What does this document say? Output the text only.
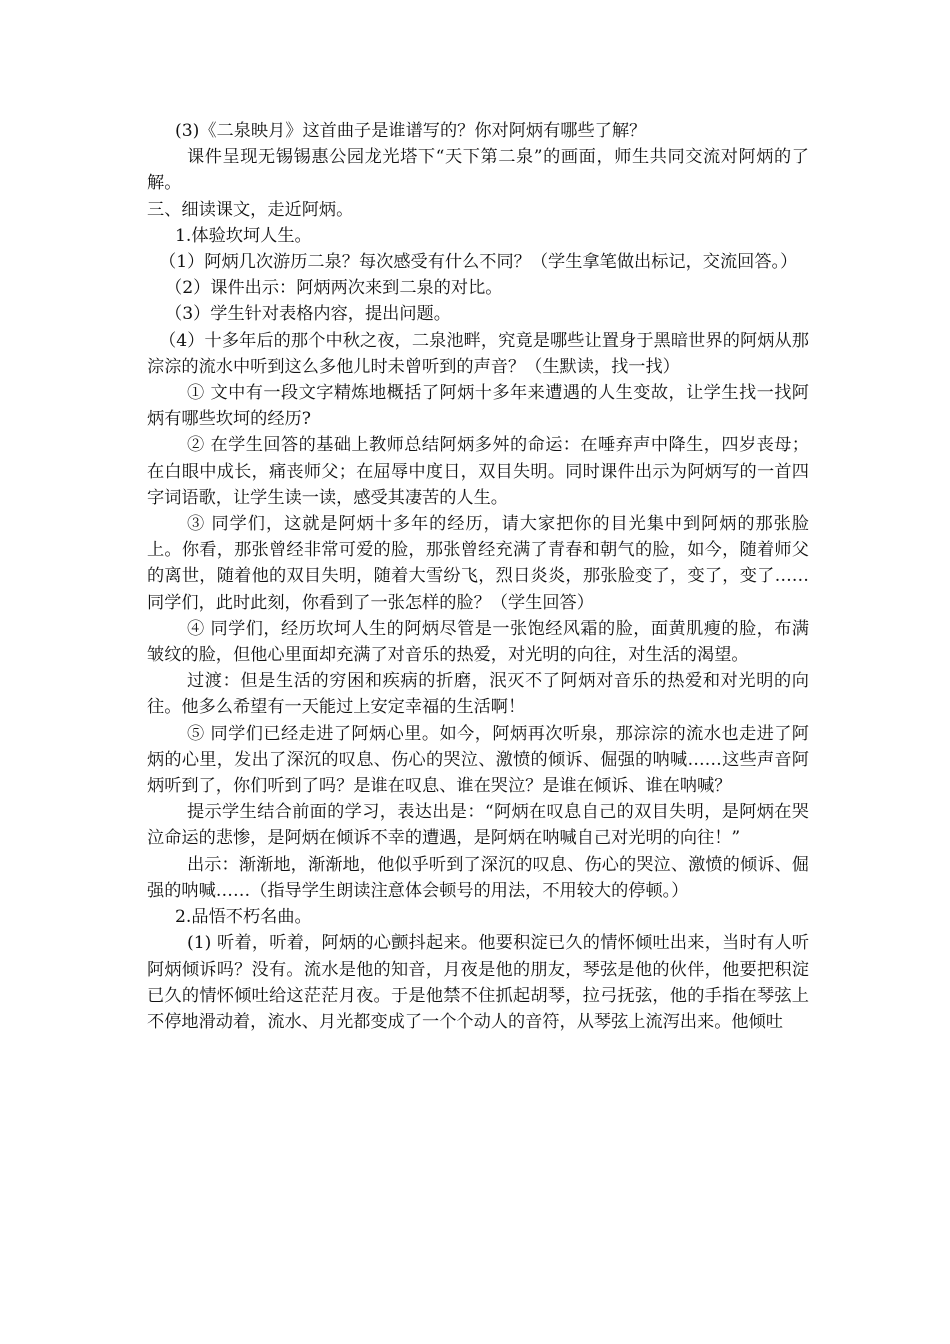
(3)《二泉映月》这首曲子是谁谱写的？你对阿炳有哪些了解？

课件呈现无锡锡惠公园龙光塔下“天下第二泉”的画面，师生共同交流对阿炳的了解。

三、细读课文，走近阿炳。

1.体验坎坷人生。

（1）阿炳几次游历二泉？每次感受有什么不同？（学生拿笔做出标记，交流回答。）

（2）课件出示：阿炳两次来到二泉的对比。

（3）学生针对表格内容，提出问题。

（4）十多年后的那个中秋之夜，二泉池畔，究竟是哪些让置身于黑暗世界的阿炳从那淙淙的流水中听到这么多他儿时未曾听到的声音？（生默读，找一找）

① 文中有一段文字精炼地概括了阿炳十多年来遭遇的人生变故，让学生找一找阿炳有哪些坎坷的经历?

② 在学生回答的基础上教师总结阿炳多舛的命运：在唾弃声中降生，四岁丧母；在白眼中成长，痛丧师父；在屈辱中度日，双目失明。同时课件出示为阿炳写的一首四字词语歌，让学生读一读，感受其凄苦的人生。

③ 同学们，这就是阿炳十多年的经历，请大家把你的目光集中到阿炳的那张脸上。你看，那张曾经非常可爱的脸，那张曾经充满了青春和朝气的脸，如今，随着师父的离世，随着他的双目失明，随着大雪纷飞，烈日炎炎，那张脸变了，变了，变了……同学们，此时此刻，你看到了一张怎样的脸？（学生回答）

④ 同学们，经历坎坷人生的阿炳尽管是一张饱经风霜的脸，面黄肌瘦的脸，布满皱纹的脸，但他心里面却充满了对音乐的热爱，对光明的向往，对生活的渴望。

过渡：但是生活的穷困和疾病的折磨，泯灭不了阿炳对音乐的热爱和对光明的向往。他多么希望有一天能过上安定幸福的生活啊！

⑤ 同学们已经走进了阿炳心里。如今，阿炳再次听泉，那淙淙的流水也走进了阿炳的心里，发出了深沉的叹息、伤心的哭泣、激愤的倾诉、倔强的呐喊……这些声音阿炳听到了，你们听到了吗？是谁在叹息、谁在哭泣？是谁在倾诉、谁在呐喊？

提示学生结合前面的学习，表达出是：“阿炳在叹息自己的双目失明，是阿炳在哭泣命运的悲惨，是阿炳在倾诉不幸的遭遇，是阿炳在呐喊自己对光明的向往！”

出示：渐渐地，渐渐地，他似乎听到了深沉的叹息、伤心的哭泣、激愤的倾诉、倔强的呐喊……（指导学生朗读注意体会顿号的用法，不用较大的停顿。）

2.品悟不朽名曲。

(1) 听着，听着，阿炳的心颤抖起来。他要积淀已久的情怀倾吐出来，当时有人听阿炳倾诉吗？没有。流水是他的知音，月夜是他的朋友，琴弦是他的伙伴，他要把积淀已久的情怀倾吐给这茫茫月夜。于是他禁不住抓起胡琴，拉弓抚弦，他的手指在琴弦上不停地滑动着，流水、月光都变成了一个个动人的音符，从琴弦上流泻出来。他倾吐
